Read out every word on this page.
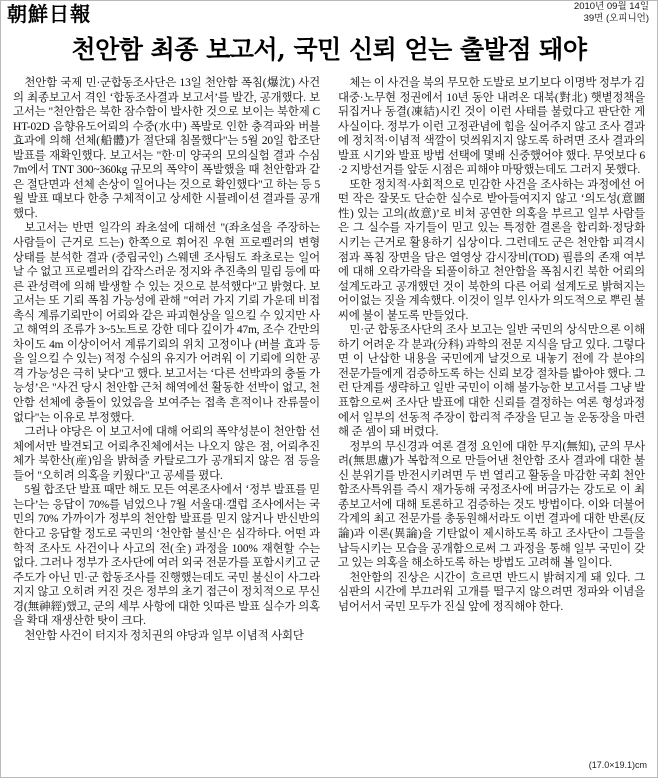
朝鮮日報	2010년 09월 14일
39면 (오피니언)
천안함 최종 보고서, 국민 신뢰 얻는 출발점 돼야

천안함 국제 민·군합동조사단은 13일 천안함 폭침(爆沈) 사건의 최종보고서 격인 ‘합동조사결과 보고서’를 발간, 공개했다. 보고서는 "천안함은 북한 잠수함이 발사한 것으로 보이는 북한제 CHT-02D 음향유도어뢰의 수중(水中) 폭발로 인한 충격파와 버블 효과에 의해 선체(船體)가 절단돼 침몰했다"는 5월 20일 합조단 발표를 재확인했다. 보고서는 "한·미 양국의 모의실험 결과 수심 7m에서 TNT 300~360kg 규모의 폭약이 폭발했을 때 천안함과 같은 절단면과 선체 손상이 일어나는 것으로 확인했다"고 하는 등 5월 발표 때보다 한층 구체적이고 상세한 시뮬레이션 결과를 공개했다.

보고서는 반면 일각의 좌초설에 대해선 "(좌초설을 주장하는 사람들이 근거로 드는) 한쪽으로 휘어진 우현 프로펠러의 변형 상태를 분석한 결과 (중립국인) 스웨덴 조사팀도 좌초로는 일어날 수 없고 프로펠러의 갑작스러운 정지와 추진축의 밀림 등에 따른 관성력에 의해 발생할 수 있는 것으로 분석했다"고 밝혔다. 보고서는 또 기뢰 폭침 가능성에 관해 "여러 가지 기뢰 가운데 비접촉식 계류기뢰만이 어뢰와 같은 파괴현상을 일으킬 수 있지만 사고 해역의 조류가 3~5노트로 강한 데다 깊이가 47m, 조수 간만의 차이도 4m 이상이어서 계류기뢰의 위치 고정이나 (버블 효과 등을 일으킬 수 있는) 적정 수심의 유지가 어려워 이 기뢰에 의한 공격 가능성은 극히 낮다"고 했다. 보고서는 ‘다른 선박과의 충돌 가능성’은 "사건 당시 천안함 근처 해역에선 활동한 선박이 없고, 천안함 선체에 충돌이 있었음을 보여주는 접촉 흔적이나 잔류물이 없다"는 이유로 부정했다.

그러나 야당은 이 보고서에 대해 어뢰의 폭약성분이 천안함 선체에서만 발견되고 어뢰추진체에서는 나오지 않은 점, 어뢰추진체가 북한산(産)임을 밝혀줄 카탈로그가 공개되지 않은 점 등을 들어 "오히려 의혹을 키웠다"고 공세를 폈다.

5월 합조단 발표 때만 해도 모든 여론조사에서 ‘정부 발표를 믿는다’는 응답이 70%를 넘었으나 7월 서울대·갤럽 조사에서는 국민의 70% 가까이가 정부의 천안함 발표를 믿지 않거나 반신반의한다고 응답할 정도로 국민의 ‘천안함 불신’은 심각하다. 어떤 과학적 조사도 사건이나 사고의 전(全) 과정을 100% 재현할 수는 없다. 그러나 정부가 조사단에 여러 외국 전문가를 포함시키고 군 주도가 아닌 민·군 합동조사를 진행했는데도 국민 불신이 사그라지지 않고 오히려 커진 것은 정부의 초기 접근이 정치적으로 무신경(無神經)했고, 군의 세부 사항에 대한 잇따른 발표 실수가 의혹을 확대 재생산한 탓이 크다.

천안함 사건이 터지자 정치권의 야당과 일부 이념적 사회단

체는 이 사건을 북의 무모한 도발로 보기보다 이명박 정부가 김대중·노무현 정권에서 10년 동안 내려온 대북(對北) 햇볕정책을 뒤집거나 동결(凍結)시킨 것이 이런 사태를 불렀다고 판단한 게 사실이다. 정부가 이런 고정관념에 힘을 실어주지 않고 조사 결과에 정치적·이념적 색깔이 덧씌워지지 않도록 하려면 조사 결과의 발표 시기와 발표 방법 선택에 몇배 신중했어야 했다. 무엇보다 6·2 지방선거를 앞둔 시점은 피해야 마땅했는데도 그러지 못했다.

또한 정치적·사회적으로 민감한 사건을 조사하는 과정에선 어떤 작은 잘못도 단순한 실수로 받아들여지지 않고 ‘의도성(意圖性) 있는 고의(故意)’로 비쳐 공연한 의혹을 부르고 일부 사람들은 그 실수를 자기들이 믿고 있는 특정한 결론을 합리화·정당화시키는 근거로 활용하기 십상이다. 그런데도 군은 천안함 피격시점과 폭침 장면을 담은 열영상 감시장비(TOD) 필름의 존재 여부에 대해 오락가락을 되풀이하고 천안함을 폭침시킨 북한 어뢰의 설계도라고 공개했던 것이 북한의 다른 어뢰 설계도로 밝혀지는 어이없는 짓을 계속했다. 이것이 일부 인사가 의도적으로 뿌린 불씨에 불이 붙도록 만들었다.

민·군 합동조사단의 조사 보고는 일반 국민의 상식만으론 이해하기 어려운 각 분과(分科) 과학의 전문 지식을 담고 있다. 그렇다면 이 난삽한 내용을 국민에게 날것으로 내놓기 전에 각 분야의 전문가들에게 검증하도록 하는 신뢰 보강 절차를 밟아야 했다. 그런 단계를 생략하고 일반 국민이 이해 불가능한 보고서를 그냥 발표함으로써 조사단 발표에 대한 신뢰를 결정하는 여론 형성과정에서 일부의 선동적 주장이 합리적 주장을 딛고 놀 운동장을 마련해 준 셈이 돼 버렸다.

정부의 무신경과 여론 결정 요인에 대한 무지(無知), 군의 무사려(無思慮)가 복합적으로 만들어낸 천안함 조사 결과에 대한 불신 분위기를 반전시키려면 두 번 열리고 활동을 마감한 국회 천안함조사특위를 즉시 재가동해 국정조사에 버금가는 강도로 이 최종보고서에 대해 토론하고 검증하는 것도 방법이다. 이와 더불어 각계의 최고 전문가를 총동원해서라도 이번 결과에 대한 반론(反論)과 이론(異論)을 기탄없이 제시하도록 하고 조사단이 그들을 납득시키는 모습을 공개함으로써 그 과정을 통해 일부 국민이 갖고 있는 의혹을 해소하도록 하는 방법도 고려해 볼 일이다.

천안함의 진상은 시간이 흐르면 반드시 밝혀지게 돼 있다. 그 심판의 시간에 부끄러워 고개를 떨구지 않으려면 정파와 이념을 넘어서서 국민 모두가 진실 앞에 정직해야 한다.

(17.0×19.1)cm
